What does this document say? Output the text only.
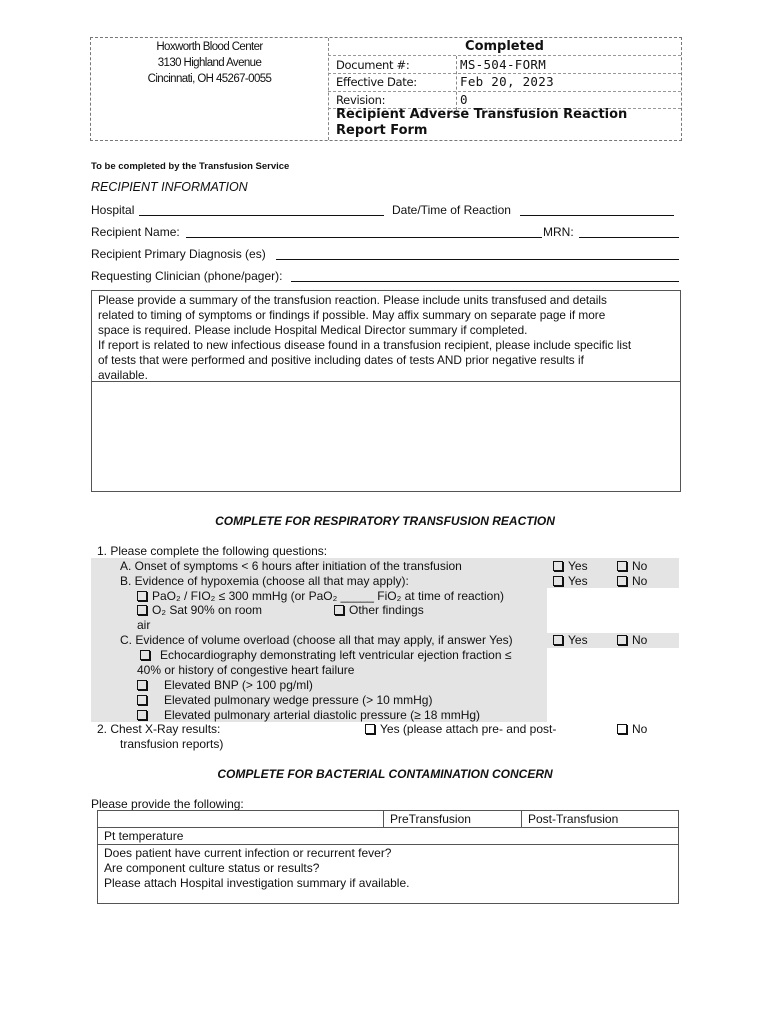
Hoxworth Blood Center
3130 Highland Avenue
Cincinnati, OH 45267-0055
Completed
Document #:	MS-504-FORM
Effective Date:	Feb 20, 2023
Revision:	0
Recipient Adverse Transfusion Reaction Report Form
To be completed by the Transfusion Service
RECIPIENT INFORMATION
Hospital	Date/Time of Reaction
Recipient Name:	MRN:
Recipient Primary Diagnosis (es)
Requesting Clinician (phone/pager):
Please provide a summary of the transfusion reaction. Please include units transfused and details
related to timing of symptoms or findings if possible. May affix summary on separate page if more
space is required. Please include Hospital Medical Director summary if completed.
If report is related to new infectious disease found in a transfusion recipient, please include specific list
of tests that were performed and positive including dates of tests AND prior negative results if
available.
COMPLETE FOR RESPIRATORY TRANSFUSION REACTION
1. Please complete the following questions:
A. Onset of symptoms < 6 hours after initiation of the transfusion	Yes	No
B. Evidence of hypoxemia (choose all that may apply):	Yes	No
PaO₂ / FIO₂ ≤ 300 mmHg (or PaO₂ _____ FiO₂ at time of reaction)
O₂ Sat 90% on room
air
Other findings
C. Evidence of volume overload (choose all that may apply, if answer Yes)	Yes	No
Echocardiography demonstrating left ventricular ejection fraction ≤
40% or history of congestive heart failure
Elevated BNP (> 100 pg/ml)
Elevated pulmonary wedge pressure (> 10 mmHg)
Elevated pulmonary arterial diastolic pressure (≥ 18 mmHg)
2. Chest X-Ray results:
transfusion reports)
Yes (please attach pre- and post-	No
COMPLETE FOR BACTERIAL CONTAMINATION CONCERN
Please provide the following:
	PreTransfusion	Post-Transfusion
Pt temperature

Does patient have current infection or recurrent fever?
Are component culture status or results?
Please attach Hospital investigation summary if available.
